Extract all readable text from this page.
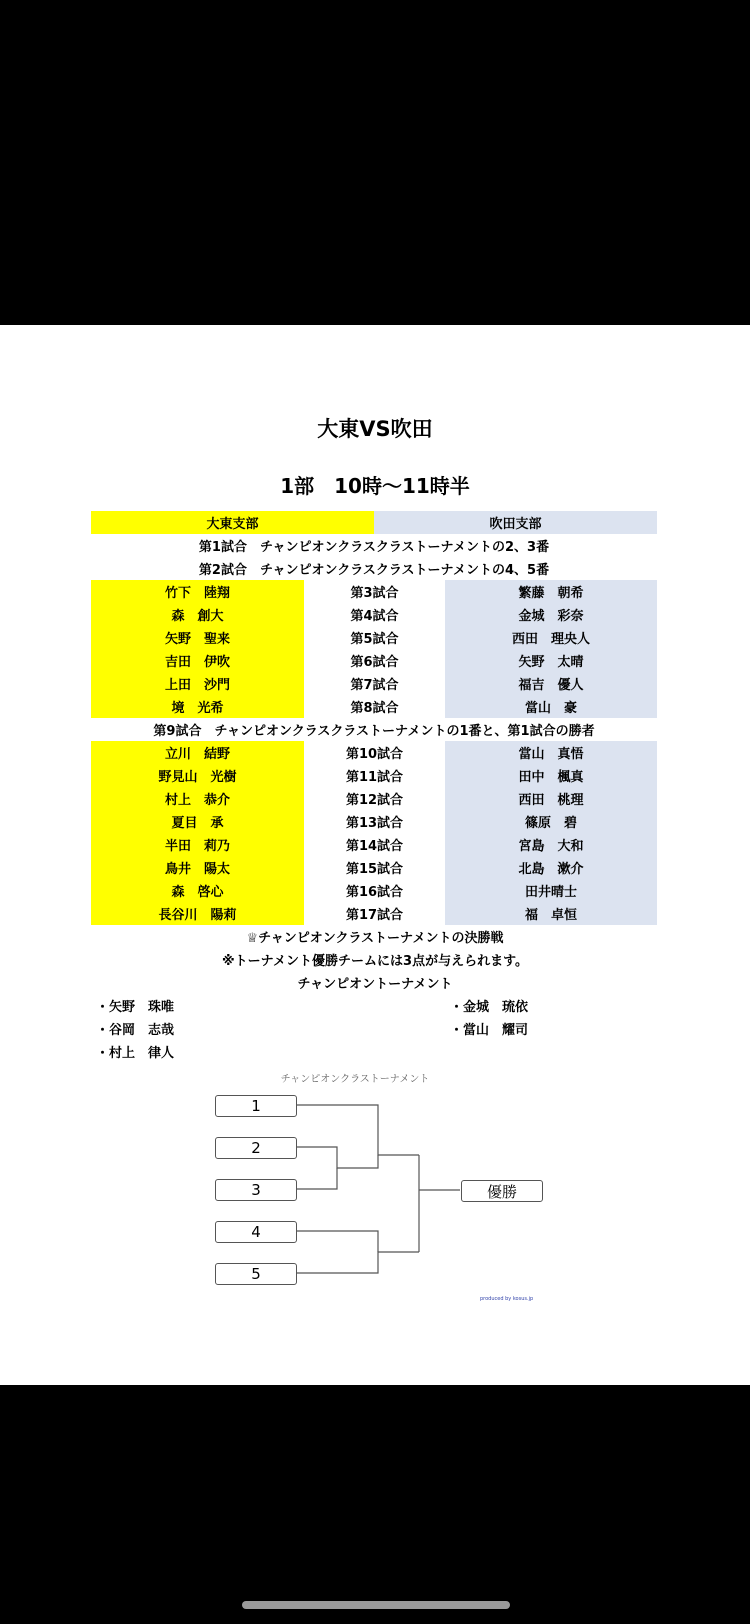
大東VS吹田
1部　10時〜11時半
大東支部	吹田支部
第1試合　チャンピオンクラスクラストーナメントの2、3番
第2試合　チャンピオンクラスクラストーナメントの4、5番
竹下　陸翔	第3試合	繁藤　朝希
森　創大	第4試合	金城　彩奈
矢野　聖来	第5試合	西田　理央人
吉田　伊吹	第6試合	矢野　太晴
上田　沙門	第7試合	福吉　優人
境　光希	第8試合	當山　豪
第9試合　チャンピオンクラスクラストーナメントの1番と、第1試合の勝者
立川　結野	第10試合	當山　真悟
野見山　光樹	第11試合	田中　楓真
村上　恭介	第12試合	西田　桃理
夏目　承	第13試合	篠原　碧
半田　莉乃	第14試合	宮島　大和
鳥井　陽太	第15試合	北島　漱介
森　啓心	第16試合	田井晴士
長谷川　陽莉	第17試合	福　卓恒
♕チャンピオンクラストーナメントの決勝戦
※トーナメント優勝チームには3点が与えられます。
チャンピオントーナメント
・矢野　珠唯
・谷岡　志哉
・村上　律人
・金城　琉依
・當山　耀司
チャンピオンクラストーナメント
1
2
3
4
5
優勝
produced by kosus.jp
